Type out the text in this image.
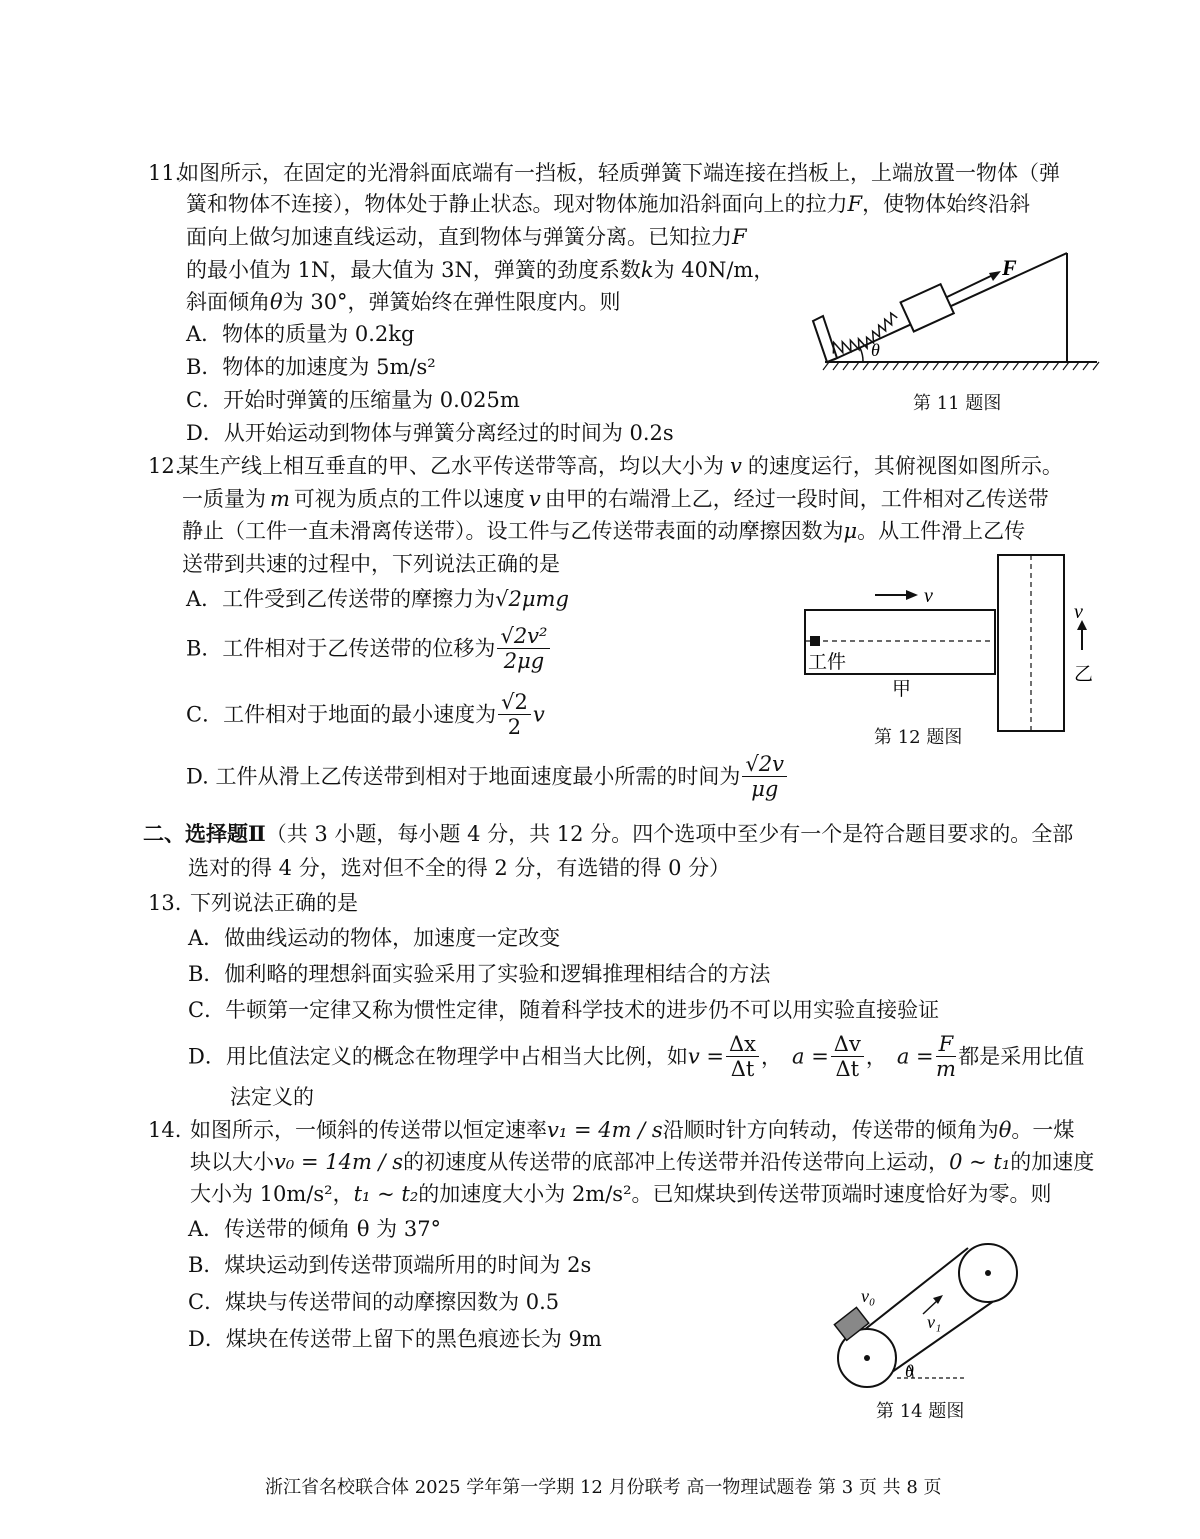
11.
如图所示，在固定的光滑斜面底端有一挡板，轻质弹簧下端连接在挡板上，上端放置一物体（弹
簧和物体不连接），物体处于静止状态。现对物体施加沿斜面向上的拉力F，使物体始终沿斜
面向上做匀加速直线运动，直到物体与弹簧分离。已知拉力F
的最小值为 1N，最大值为 3N，弹簧的劲度系数k为 40N/m，
斜面倾角θ为 30°，弹簧始终在弹性限度内。则
A．物体的质量为 0.2kg
B．物体的加速度为 5m/s²
C．开始时弹簧的压缩量为 0.025m
D．从开始运动到物体与弹簧分离经过的时间为 0.2s
F
θ
第 11 题图
12.
某生产线上相互垂直的甲、乙水平传送带等高，均以大小为 v 的速度运行，其俯视图如图所示。
一质量为 m 可视为质点的工件以速度 v 由甲的右端滑上乙，经过一段时间，工件相对乙传送带
静止（工件一直未滑离传送带）。设工件与乙传送带表面的动摩擦因数为μ。从工件滑上乙传
送带到共速的过程中，下列说法正确的是
A．工件受到乙传送带的摩擦力为√2μmg
B．工件相对于乙传送带的位移为 $\frac{\text{√2v²}}{2\mu g}$
C．工件相对于地面的最小速度为 $\frac{√2}{2}$ v
D. 工件从滑上乙传送带到相对于地面速度最小所需的时间为 $\frac{√2v}{\mu g}$
工件
甲
v
v
乙
第 12 题图
二、选择题Ⅱ（共 3 小题，每小题 4 分，共 12 分。四个选项中至少有一个是符合题目要求的。全部
选对的得 4 分，选对但不全的得 2 分，有选错的得 0 分）
13. 下列说法正确的是
A．做曲线运动的物体，加速度一定改变
B．伽利略的理想斜面实验采用了实验和逻辑推理相结合的方法
C．牛顿第一定律又称为惯性定律，随着科学技术的进步仍不可以用实验直接验证
D．用比值法定义的概念在物理学中占相当大比例，如$v = \frac{\Delta x}{\Delta t}$ ， $a = \frac{\Delta v}{\Delta t}$ ， $a = \frac{F}{m}$ 都是采用比值
法定义的
14. 如图所示，一倾斜的传送带以恒定速率v₁ = 4m / s沿顺时针方向转动，传送带的倾角为θ。一煤
块以大小v₀ = 14m / s的初速度从传送带的底部冲上传送带并沿传送带向上运动，0 ~ t₁的加速度
大小为 10m/s²，t₁ ~ t₂的加速度大小为 2m/s²。已知煤块到传送带顶端时速度恰好为零。则
A．传送带的倾角 θ 为 37°
B．煤块运动到传送带顶端所用的时间为 2s
C．煤块与传送带间的动摩擦因数为 0.5
D．煤块在传送带上留下的黑色痕迹长为 9m
v₀
v₁
θ
第 14 题图
浙江省名校联合体 2025 学年第一学期 12 月份联考 高一物理试题卷 第 3 页 共 8 页
